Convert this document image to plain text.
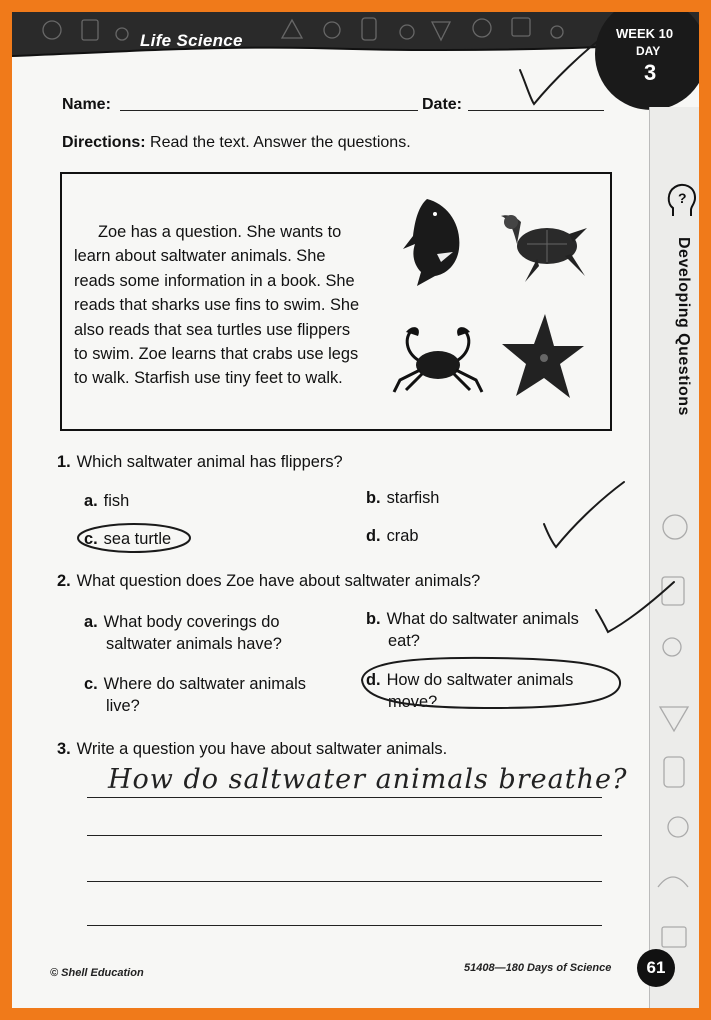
Life Science	WEEK 10
DAY
3
?
Developing Questions
Name:	Date:
Directions: Read the text. Answer the questions.
Zoe has a question. She wants to
learn about saltwater animals. She
reads some information in a book. She
reads that sharks use fins to swim. She
also reads that sea turtles use flippers
to swim. Zoe learns that crabs use legs
to walk. Starfish use tiny feet to walk.
1. Which saltwater animal has flippers?
a. fish	b. starfish
c. sea turtle	d. crab
2. What question does Zoe have about saltwater animals?
a. What body coverings do
saltwater animals have?
b. What do saltwater animals
eat?
c. Where do saltwater animals
live?
d. How do saltwater animals
move?
3. Write a question you have about saltwater animals.
How do saltwater animals breathe?
© Shell Education	51408—180 Days of Science	61
